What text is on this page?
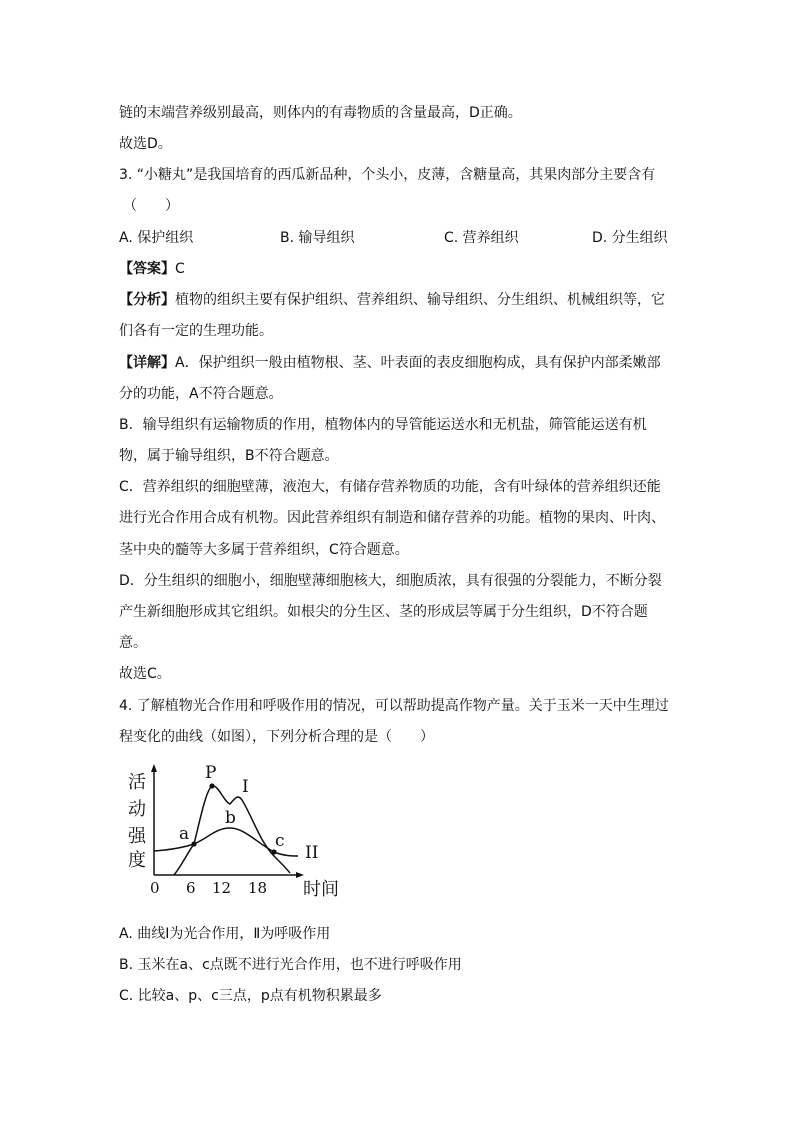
链的末端营养级别最高，则体内的有毒物质的含量最高，D正确。
故选D。
3. “小糖丸”是我国培育的西瓜新品种，个头小，皮薄，含糖量高，其果肉部分主要含有
（　　）
A. 保护组织	B. 输导组织	C. 营养组织	D. 分生组织
【答案】C
【分析】植物的组织主要有保护组织、营养组织、输导组织、分生组织、机械组织等，它
们各有一定的生理功能。
【详解】A．保护组织一般由植物根、茎、叶表面的表皮细胞构成，具有保护内部柔嫩部
分的功能，A不符合题意。
B．输导组织有运输物质的作用，植物体内的导管能运送水和无机盐，筛管能运送有机
物，属于输导组织，B不符合题意。
C．营养组织的细胞壁薄，液泡大，有储存营养物质的功能，含有叶绿体的营养组织还能
进行光合作用合成有机物。因此营养组织有制造和储存营养的功能。植物的果肉、叶肉、
茎中央的髓等大多属于营养组织，C符合题意。
D．分生组织的细胞小，细胞壁薄细胞核大，细胞质浓，具有很强的分裂能力，不断分裂
产生新细胞形成其它组织。如根尖的分生区、茎的形成层等属于分生组织，D不符合题
意。
故选C。
4. 了解植物光合作用和呼吸作用的情况，可以帮助提高作物产量。关于玉米一天中生理过
程变化的曲线（如图），下列分析合理的是（　　）
活
动
强
度
时间
0 6 12 18
P
I
a
b
c
II
A. 曲线Ⅰ为光合作用，Ⅱ为呼吸作用
B. 玉米在a、c点既不进行光合作用，也不进行呼吸作用
C. 比较a、p、c三点，p点有机物积累最多
